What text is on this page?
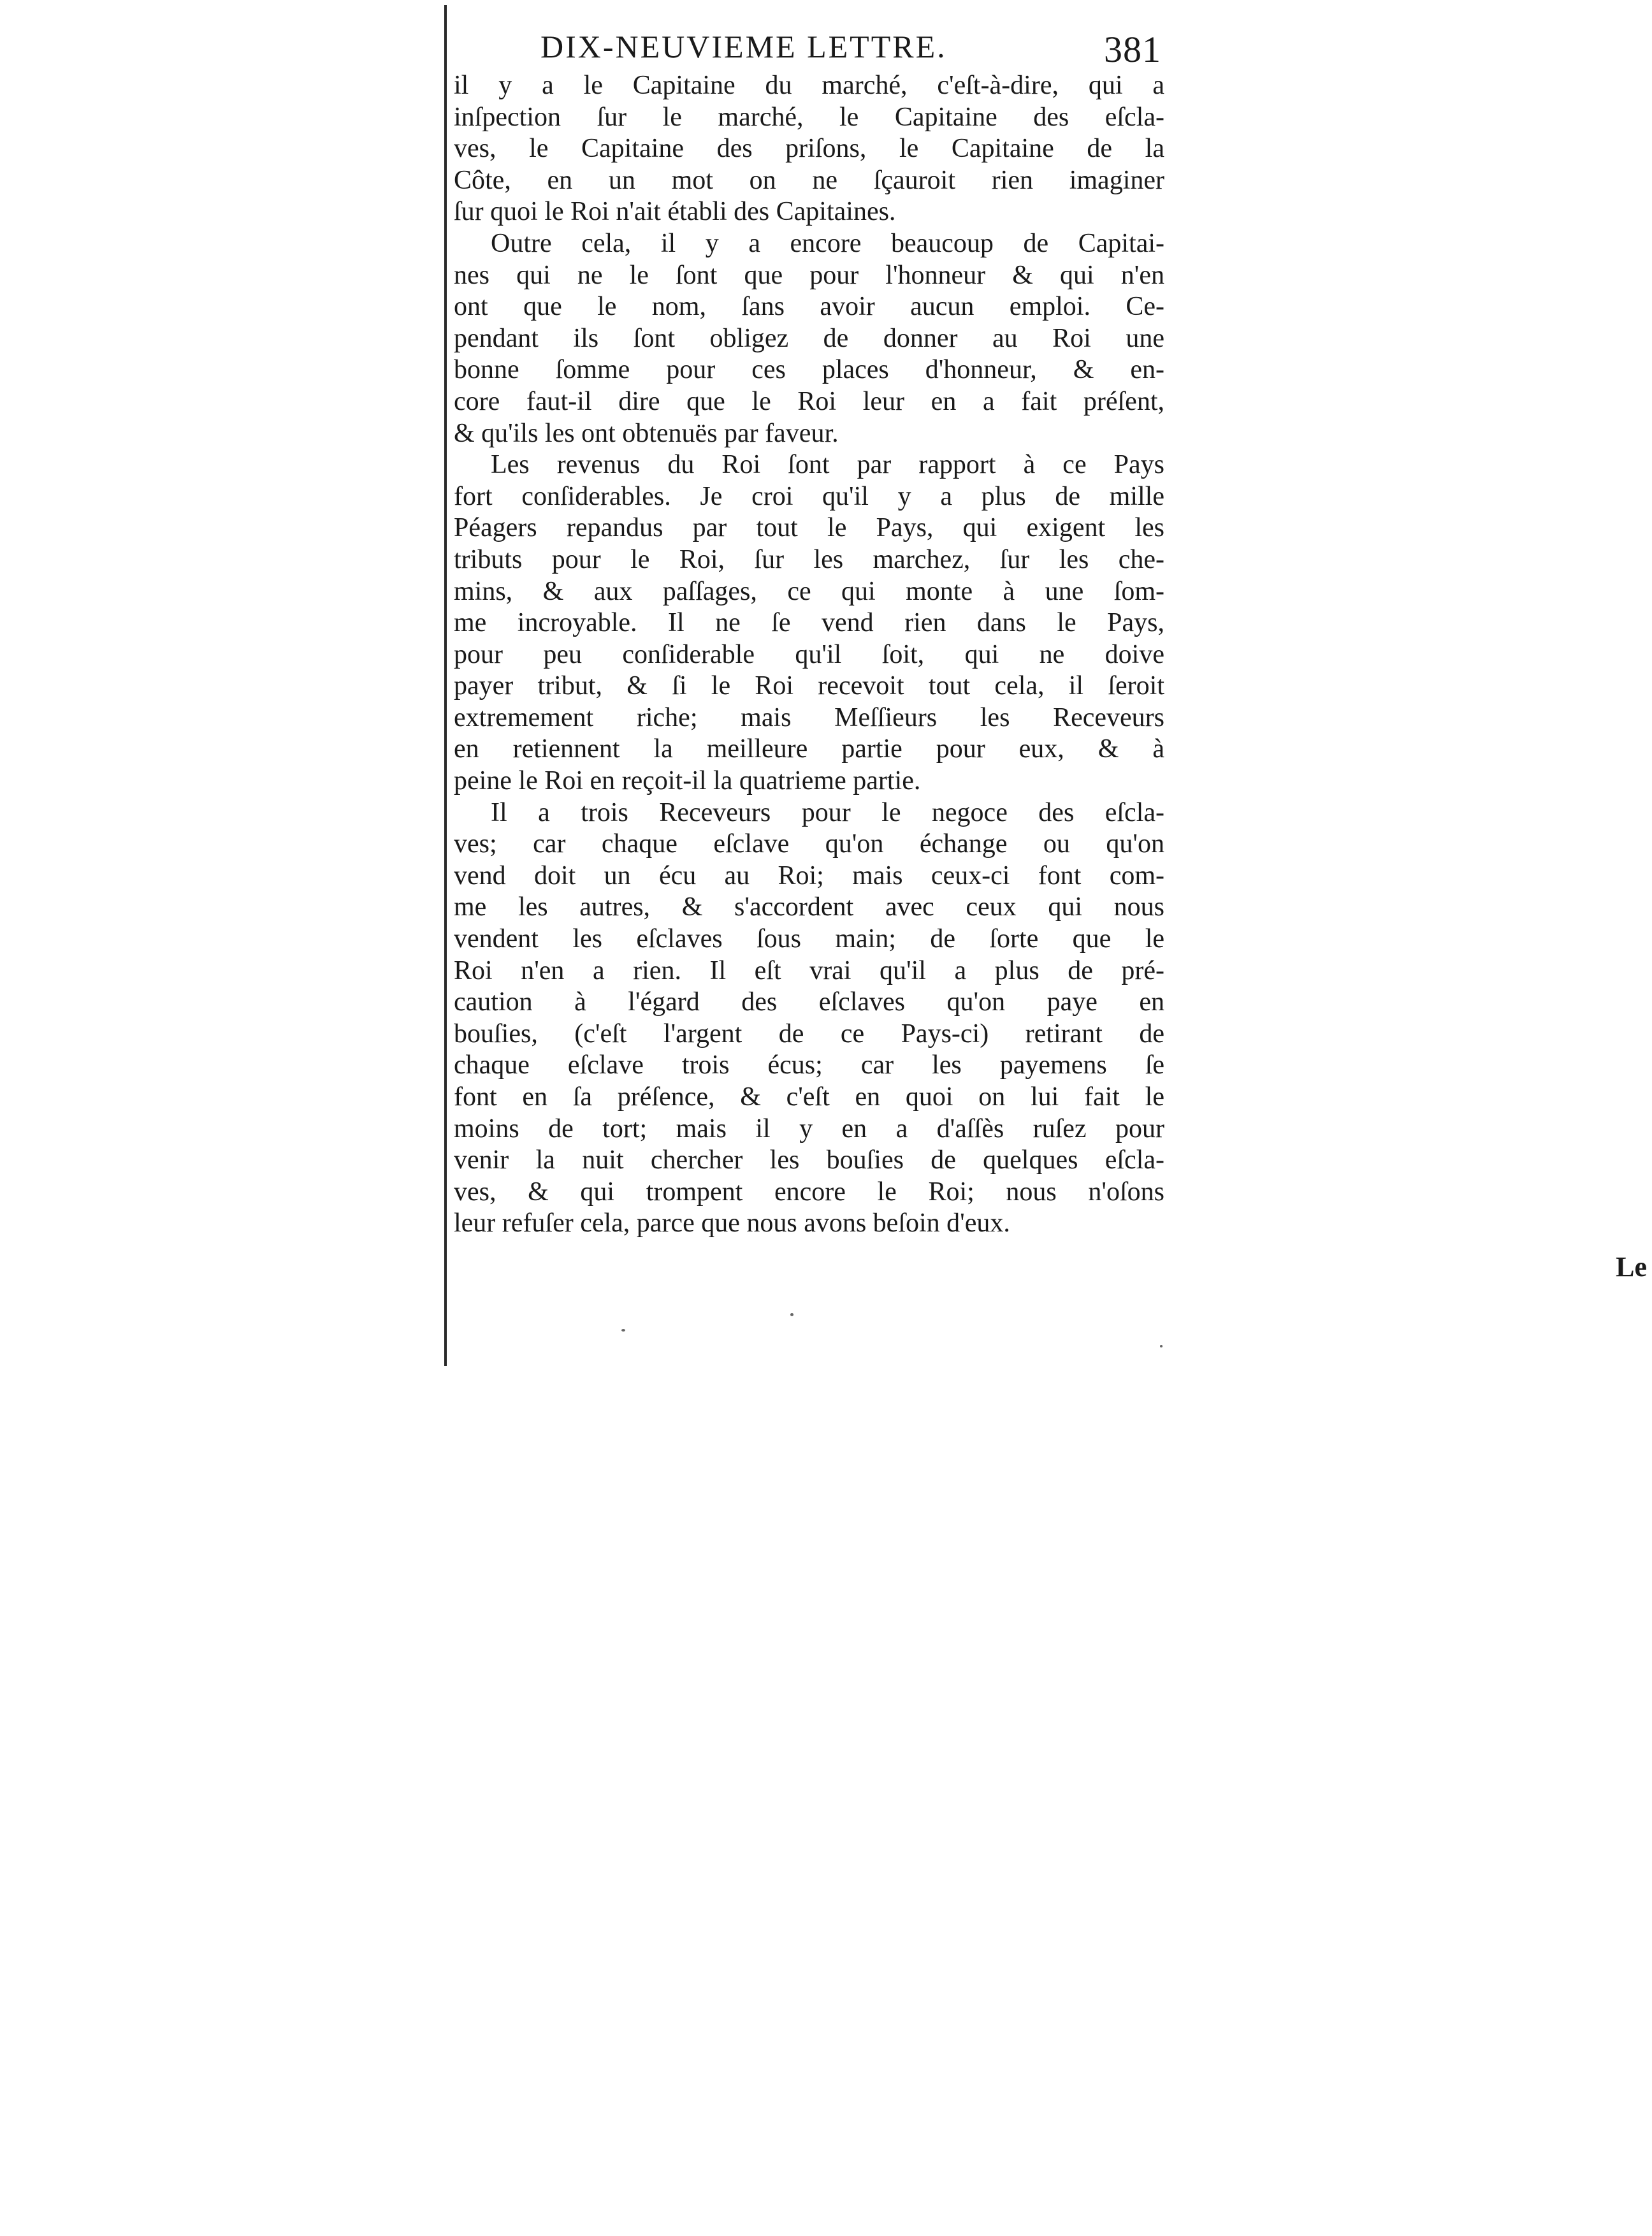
DIX-NEUVIEME LETTRE.	381
il y a le Capitaine du marché, c'eſt-à-dire, qui a
inſpection ſur le marché, le Capitaine des eſcla-
ves, le Capitaine des priſons, le Capitaine de la
Côte, en un mot on ne ſçauroit rien imaginer
ſur quoi le Roi n'ait établi des Capitaines.
Outre cela, il y a encore beaucoup de Capitai-
nes qui ne le ſont que pour l'honneur & qui n'en
ont que le nom, ſans avoir aucun emploi. Ce-
pendant ils ſont obligez de donner au Roi une
bonne ſomme pour ces places d'honneur, & en-
core faut-il dire que le Roi leur en a fait préſent,
& qu'ils les ont obtenuës par faveur.
Les revenus du Roi ſont par rapport à ce Pays
fort conſiderables. Je croi qu'il y a plus de mille
Péagers repandus par tout le Pays, qui exigent les
tributs pour le Roi, ſur les marchez, ſur les che-
mins, & aux paſſages, ce qui monte à une ſom-
me incroyable. Il ne ſe vend rien dans le Pays,
pour peu conſiderable qu'il ſoit, qui ne doive
payer tribut, & ſi le Roi recevoit tout cela, il ſeroit
extremement riche; mais Meſſieurs les Receveurs
en retiennent la meilleure partie pour eux, & à
peine le Roi en reçoit-il la quatrieme partie.
Il a trois Receveurs pour le negoce des eſcla-
ves; car chaque eſclave qu'on échange ou qu'on
vend doit un écu au Roi; mais ceux-ci font com-
me les autres, & s'accordent avec ceux qui nous
vendent les eſclaves ſous main; de ſorte que le
Roi n'en a rien. Il eſt vrai qu'il a plus de pré-
caution à l'égard des eſclaves qu'on paye en
bouſies, (c'eſt l'argent de ce Pays-ci) retirant de
chaque eſclave trois écus; car les payemens ſe
font en ſa préſence, & c'eſt en quoi on lui fait le
moins de tort; mais il y en a d'aſſès ruſez pour
venir la nuit chercher les bouſies de quelques eſcla-
ves, & qui trompent encore le Roi; nous n'oſons
leur refuſer cela, parce que nous avons beſoin d'eux.
Le
